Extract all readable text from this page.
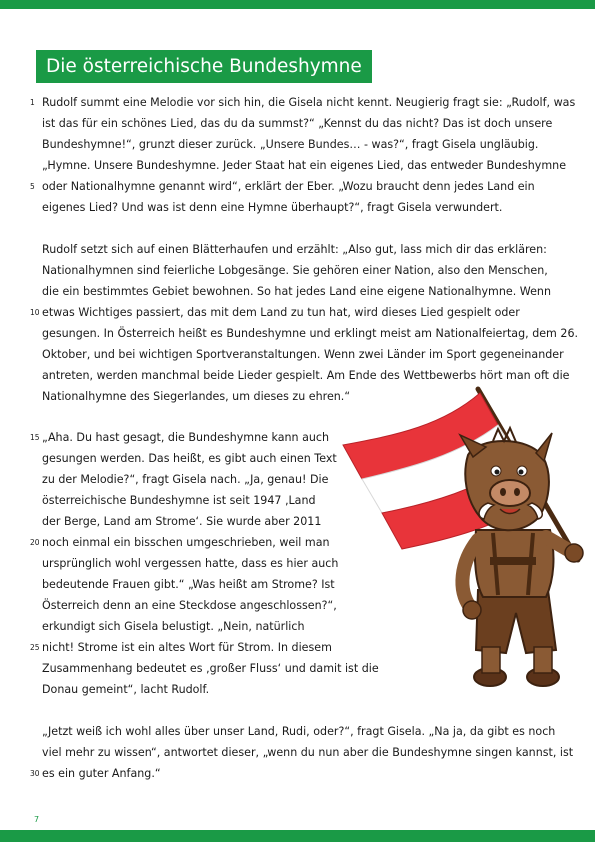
Die österreichische Bundeshymne
1
5
10
15
20
25
30
Rudolf summt eine Melodie vor sich hin, die Gisela nicht kennt. Neugierig fragt sie: „Rudolf, was
ist das für ein schönes Lied, das du da summst?“ „Kennst du das nicht? Das ist doch unsere
Bundeshymne!“, grunzt dieser zurück. „Unsere Bundes… - was?“, fragt Gisela ungläubig.
„Hymne. Unsere Bundeshymne. Jeder Staat hat ein eigenes Lied, das entweder Bundeshymne
oder Nationalhymne genannt wird“, erklärt der Eber. „Wozu braucht denn jedes Land ein
eigenes Lied? Und was ist denn eine Hymne überhaupt?“, fragt Gisela verwundert.
Rudolf setzt sich auf einen Blätterhaufen und erzählt: „Also gut, lass mich dir das erklären:
Nationalhymnen sind feierliche Lobgesänge. Sie gehören einer Nation, also den Menschen,
die ein bestimmtes Gebiet bewohnen. So hat jedes Land eine eigene Nationalhymne. Wenn
etwas Wichtiges passiert, das mit dem Land zu tun hat, wird dieses Lied gespielt oder
gesungen. In Österreich heißt es Bundeshymne und erklingt meist am Nationalfeiertag, dem 26.
Oktober, und bei wichtigen Sportveranstaltungen. Wenn zwei Länder im Sport gegeneinander
antreten, werden manchmal beide Lieder gespielt. Am Ende des Wettbewerbs hört man oft die
Nationalhymne des Siegerlandes, um dieses zu ehren.“
„Aha. Du hast gesagt, die Bundeshymne kann auch
gesungen werden. Das heißt, es gibt auch einen Text
zu der Melodie?“, fragt Gisela nach. „Ja, genau! Die
österreichische Bundeshymne ist seit 1947 ‚Land
der Berge, Land am Strome‘. Sie wurde aber 2011
noch einmal ein bisschen umgeschrieben, weil man
ursprünglich wohl vergessen hatte, dass es hier auch
bedeutende Frauen gibt.“ „Was heißt am Strome? Ist
Österreich denn an eine Steckdose angeschlossen?“,
erkundigt sich Gisela belustigt. „Nein, natürlich
nicht! Strome ist ein altes Wort für Strom. In diesem
Zusammenhang bedeutet es ‚großer Fluss‘ und damit ist die
Donau gemeint“, lacht Rudolf.
„Jetzt weiß ich wohl alles über unser Land, Rudi, oder?“, fragt Gisela. „Na ja, da gibt es noch
viel mehr zu wissen“, antwortet dieser, „wenn du nun aber die Bundeshymne singen kannst, ist
es ein guter Anfang.“
7
